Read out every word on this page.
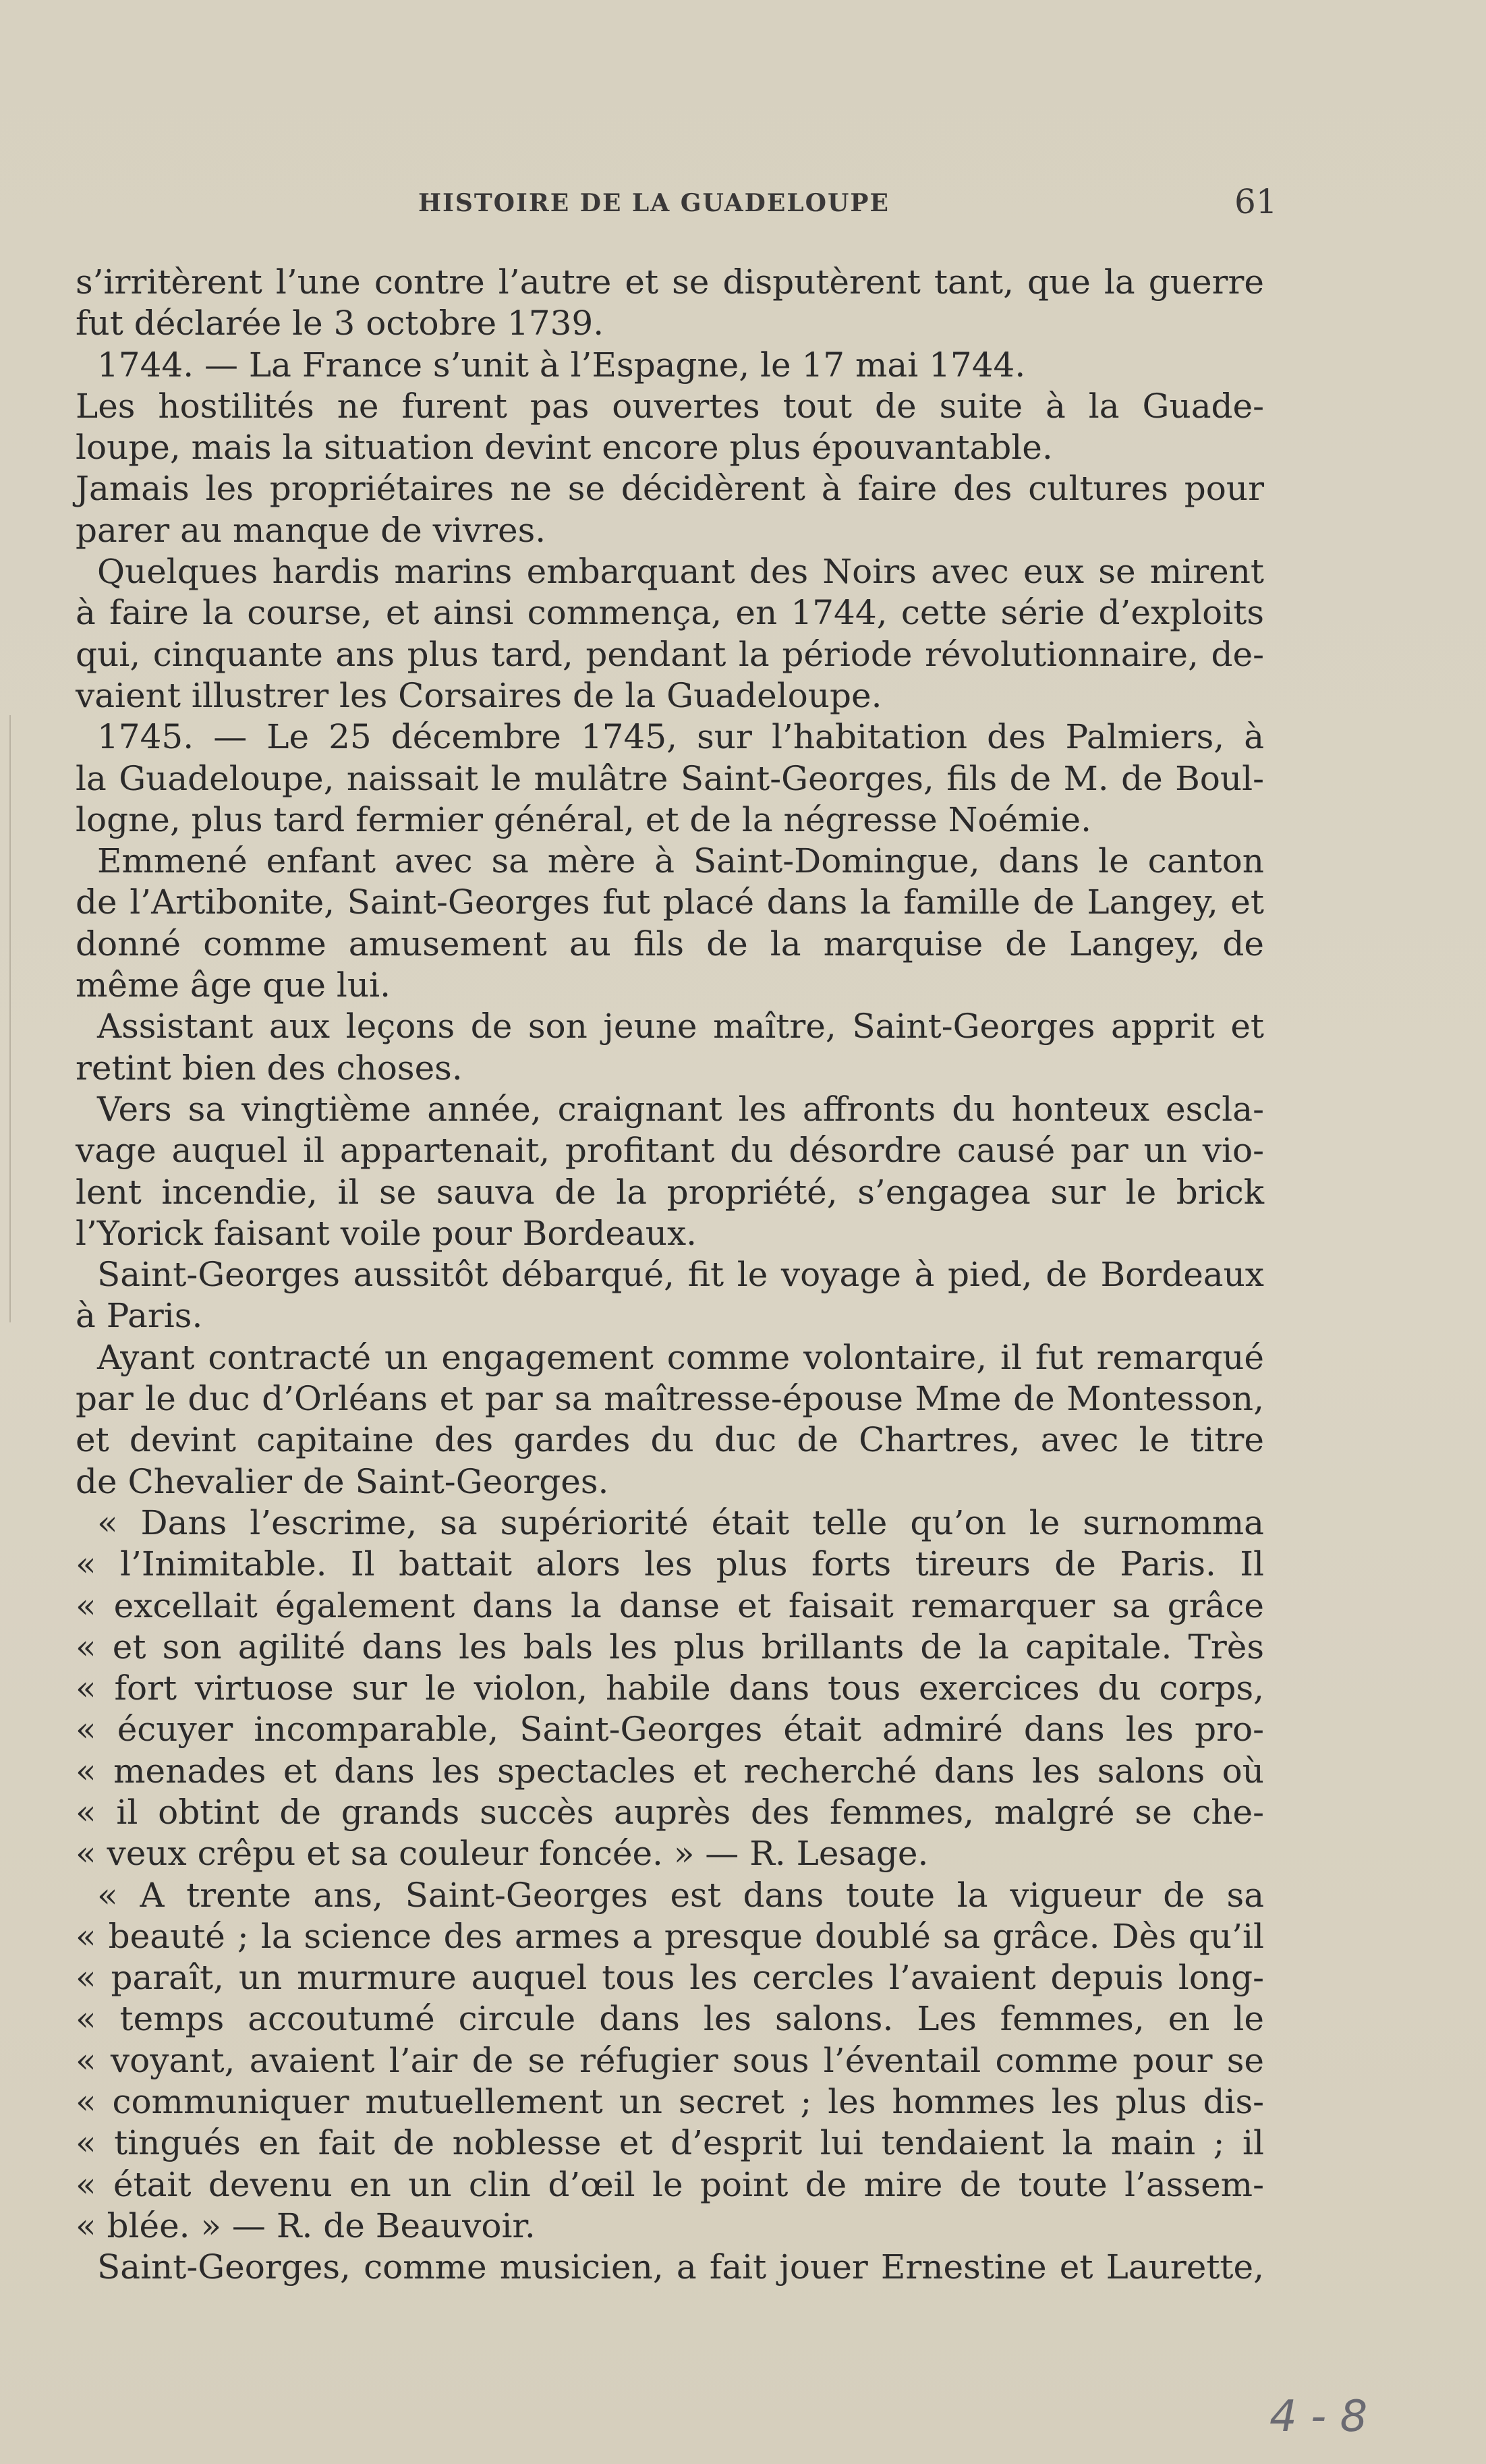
HISTOIRE DE LA GUADELOUPE	61
s’irritèrent l’une contre l’autre et se disputèrent tant, que la guerre
fut déclarée le 3 octobre 1739.
1744. — La France s’unit à l’Espagne, le 17 mai 1744.
Les hostilités ne furent pas ouvertes tout de suite à la Guade-
loupe, mais la situation devint encore plus épouvantable.
Jamais les propriétaires ne se décidèrent à faire des cultures pour
parer au manque de vivres.
Quelques hardis marins embarquant des Noirs avec eux se mirent
à faire la course, et ainsi commença, en 1744, cette série d’exploits
qui, cinquante ans plus tard, pendant la période révolutionnaire, de-
vaient illustrer les Corsaires de la Guadeloupe.
1745. — Le 25 décembre 1745, sur l’habitation des Palmiers, à
la Guadeloupe, naissait le mulâtre Saint-Georges, fils de M. de Boul-
logne, plus tard fermier général, et de la négresse Noémie.
Emmené enfant avec sa mère à Saint-Domingue, dans le canton
de l’Artibonite, Saint-Georges fut placé dans la famille de Langey, et
donné comme amusement au fils de la marquise de Langey, de
même âge que lui.
Assistant aux leçons de son jeune maître, Saint-Georges apprit et
retint bien des choses.
Vers sa vingtième année, craignant les affronts du honteux escla-
vage auquel il appartenait, profitant du désordre causé par un vio-
lent incendie, il se sauva de la propriété, s’engagea sur le brick
l’Yorick faisant voile pour Bordeaux.
Saint-Georges aussitôt débarqué, fit le voyage à pied, de Bordeaux
à Paris.
Ayant contracté un engagement comme volontaire, il fut remarqué
par le duc d’Orléans et par sa maîtresse-épouse Mme de Montesson,
et devint capitaine des gardes du duc de Chartres, avec le titre
de Chevalier de Saint-Georges.
« Dans l’escrime, sa supériorité était telle qu’on le surnomma
« l’Inimitable. Il battait alors les plus forts tireurs de Paris. Il
« excellait également dans la danse et faisait remarquer sa grâce
« et son agilité dans les bals les plus brillants de la capitale. Très
« fort virtuose sur le violon, habile dans tous exercices du corps,
« écuyer incomparable, Saint-Georges était admiré dans les pro-
« menades et dans les spectacles et recherché dans les salons où
« il obtint de grands succès auprès des femmes, malgré se che-
« veux crêpu et sa couleur foncée. » — R. Lesage.
« A trente ans, Saint-Georges est dans toute la vigueur de sa
« beauté ; la science des armes a presque doublé sa grâce. Dès qu’il
« paraît, un murmure auquel tous les cercles l’avaient depuis long-
« temps accoutumé circule dans les salons. Les femmes, en le
« voyant, avaient l’air de se réfugier sous l’éventail comme pour se
« communiquer mutuellement un secret ; les hommes les plus dis-
« tingués en fait de noblesse et d’esprit lui tendaient la main ; il
« était devenu en un clin d’œil le point de mire de toute l’assem-
« blée. » — R. de Beauvoir.
Saint-Georges, comme musicien, a fait jouer Ernestine et Laurette,
4 - 8
